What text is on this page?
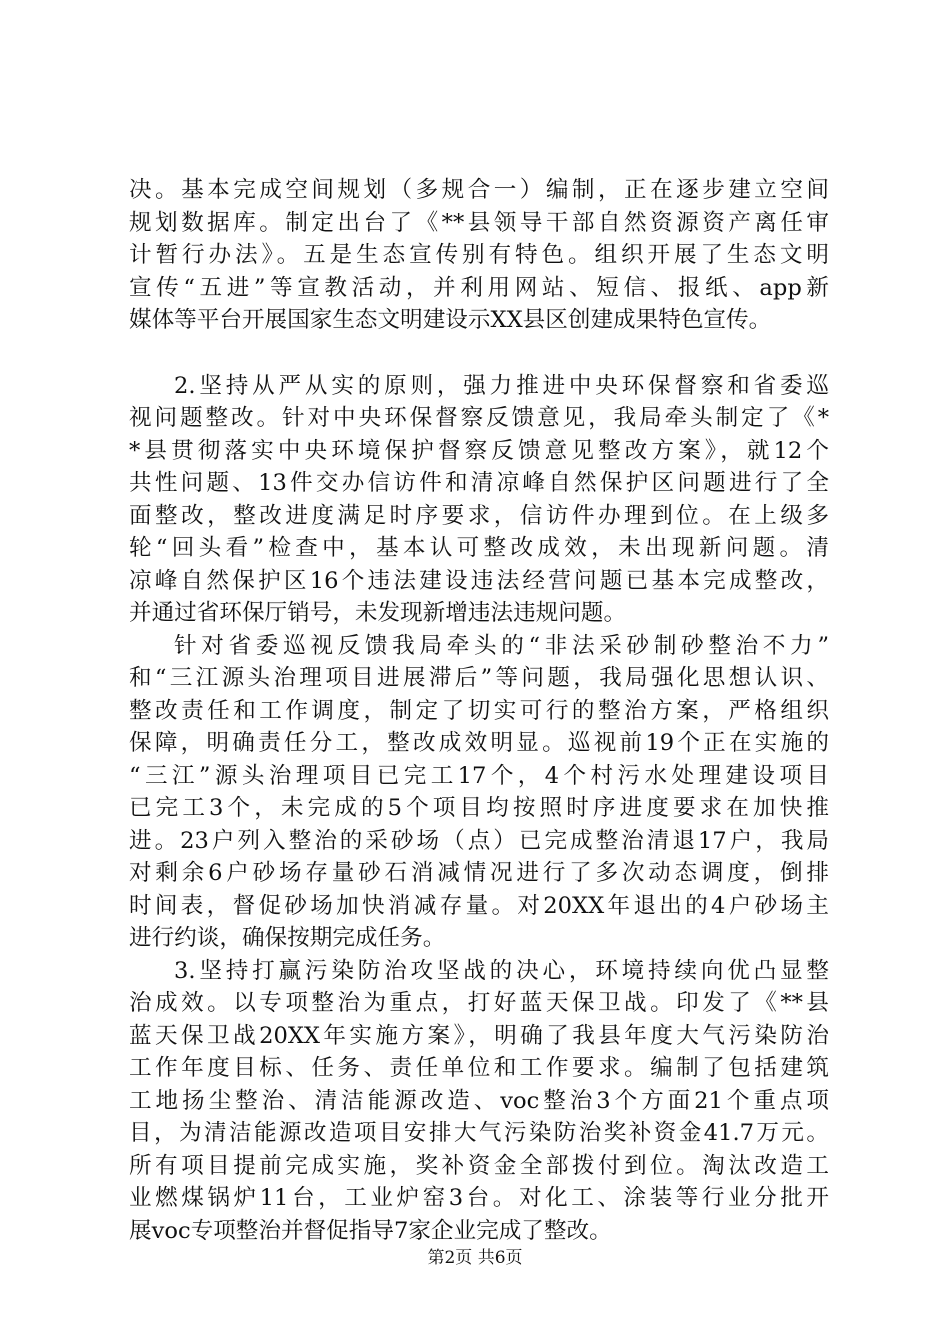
决。基本完成空间规划（多规合一）编制，正在逐步建立空间
规划数据库。制定出台了《**县领导干部自然资源资产离任审
计暂行办法》。五是生态宣传别有特色。组织开展了生态文明
宣传“五进”等宣教活动，并利用网站、短信、报纸、app新
媒体等平台开展国家生态文明建设示XX县区创建成果特色宣传。
2.坚持从严从实的原则，强力推进中央环保督察和省委巡
视问题整改。针对中央环保督察反馈意见，我局牵头制定了《*
*县贯彻落实中央环境保护督察反馈意见整改方案》，就12个
共性问题、13件交办信访件和清凉峰自然保护区问题进行了全
面整改，整改进度满足时序要求，信访件办理到位。在上级多
轮“回头看”检查中，基本认可整改成效，未出现新问题。清
凉峰自然保护区16个违法建设违法经营问题已基本完成整改，
并通过省环保厅销号，未发现新增违法违规问题。
针对省委巡视反馈我局牵头的“非法采砂制砂整治不力”
和“三江源头治理项目进展滞后”等问题，我局强化思想认识、
整改责任和工作调度，制定了切实可行的整治方案，严格组织
保障，明确责任分工，整改成效明显。巡视前19个正在实施的
“三江”源头治理项目已完工17个，4个村污水处理建设项目
已完工3个，未完成的5个项目均按照时序进度要求在加快推
进。23户列入整治的采砂场（点）已完成整治清退17户，我局
对剩余6户砂场存量砂石消减情况进行了多次动态调度，倒排
时间表，督促砂场加快消减存量。对20XX年退出的4户砂场主
进行约谈，确保按期完成任务。
3.坚持打赢污染防治攻坚战的决心，环境持续向优凸显整
治成效。以专项整治为重点，打好蓝天保卫战。印发了《**县
蓝天保卫战20XX年实施方案》，明确了我县年度大气污染防治
工作年度目标、任务、责任单位和工作要求。编制了包括建筑
工地扬尘整治、清洁能源改造、voc整治3个方面21个重点项
目，为清洁能源改造项目安排大气污染防治奖补资金41.7万元。
所有项目提前完成实施，奖补资金全部拨付到位。淘汰改造工
业燃煤锅炉11台，工业炉窑3台。对化工、涂装等行业分批开
展voc专项整治并督促指导7家企业完成了整改。
第2页 共6页
